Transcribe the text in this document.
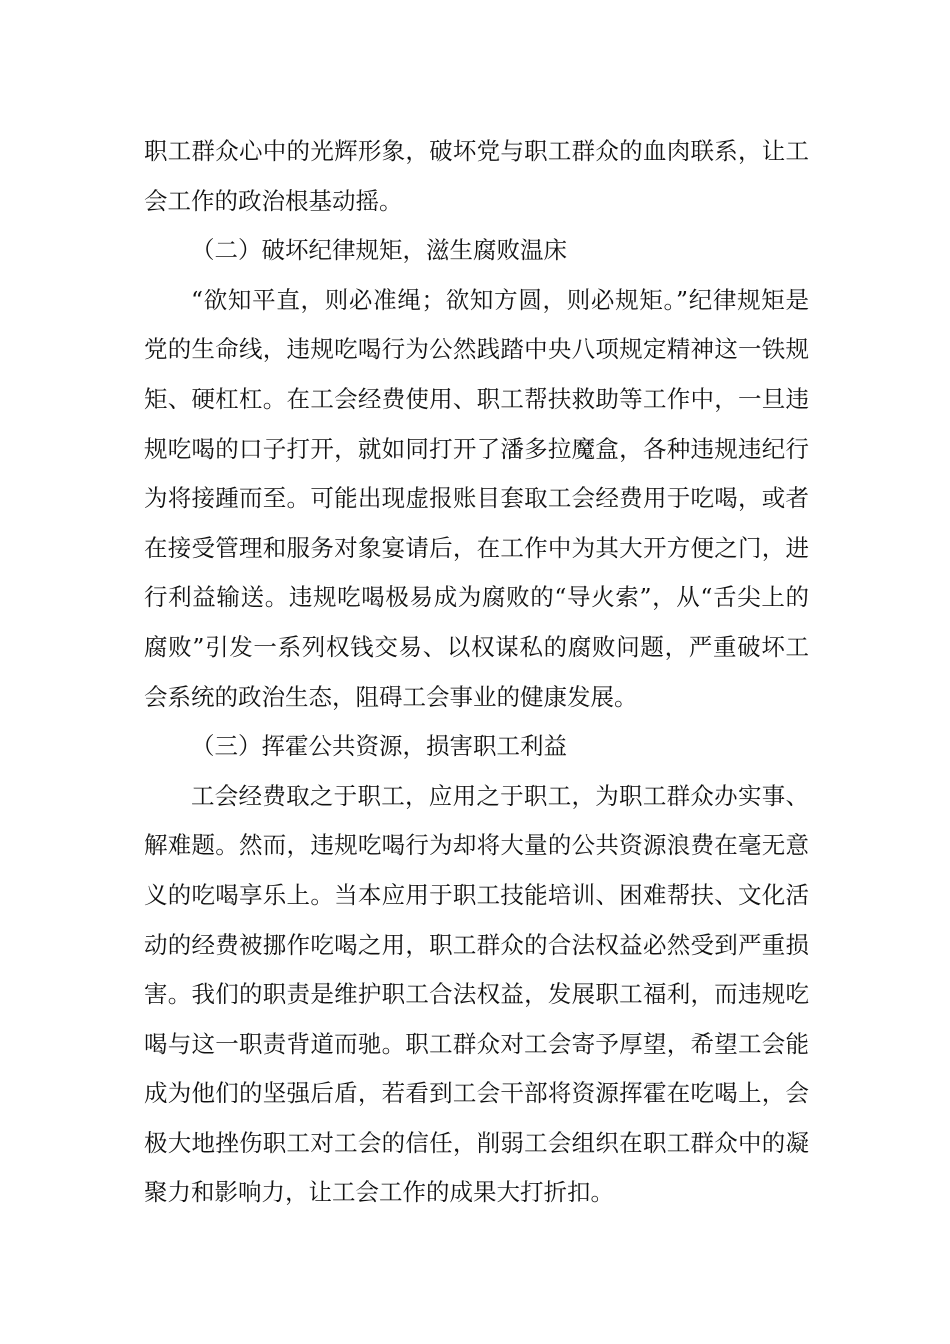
职工群众心中的光辉形象，破坏党与职工群众的血肉联系，让工会工作的政治根基动摇。

（二）破坏纪律规矩，滋生腐败温床

“欲知平直，则必准绳；欲知方圆，则必规矩。”纪律规矩是党的生命线，违规吃喝行为公然践踏中央八项规定精神这一铁规矩、硬杠杠。在工会经费使用、职工帮扶救助等工作中，一旦违规吃喝的口子打开，就如同打开了潘多拉魔盒，各种违规违纪行为将接踵而至。可能出现虚报账目套取工会经费用于吃喝，或者在接受管理和服务对象宴请后，在工作中为其大开方便之门，进行利益输送。违规吃喝极易成为腐败的“导火索”，从“舌尖上的腐败”引发一系列权钱交易、以权谋私的腐败问题，严重破坏工会系统的政治生态，阻碍工会事业的健康发展。

（三）挥霍公共资源，损害职工利益

工会经费取之于职工，应用之于职工，为职工群众办实事、解难题。然而，违规吃喝行为却将大量的公共资源浪费在毫无意义的吃喝享乐上。当本应用于职工技能培训、困难帮扶、文化活动的经费被挪作吃喝之用，职工群众的合法权益必然受到严重损害。我们的职责是维护职工合法权益，发展职工福利，而违规吃喝与这一职责背道而驰。职工群众对工会寄予厚望，希望工会能成为他们的坚强后盾，若看到工会干部将资源挥霍在吃喝上，会极大地挫伤职工对工会的信任，削弱工会组织在职工群众中的凝聚力和影响力，让工会工作的成果大打折扣。
